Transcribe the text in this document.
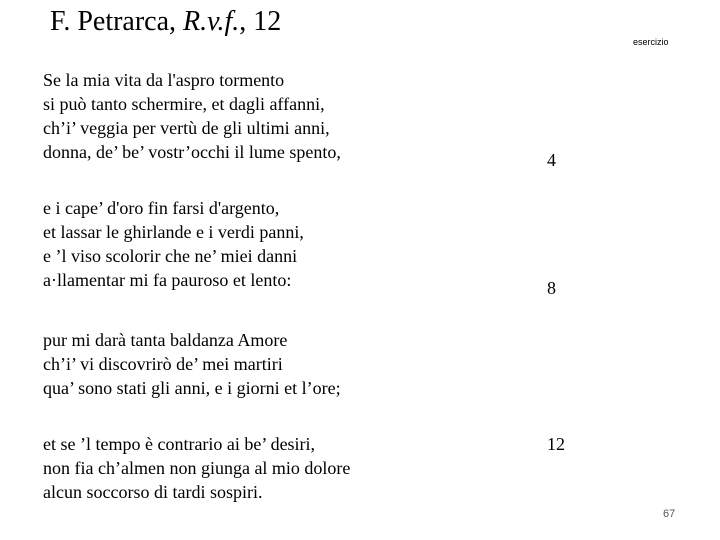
F. Petrarca, R.v.f., 12
esercizio
Se la mia vita da l'aspro tormento
si può tanto schermire, et dagli affanni,
ch’i’ veggia per vertù de gli ultimi anni,
donna, de’ be’ vostr’occhi il lume spento,
e i cape’ d'oro fin farsi d'argento,
et lassar le ghirlande e i verdi panni,
e ’l viso scolorir che ne’ miei danni
a·llamentar mi fa pauroso et lento:
pur mi darà tanta baldanza Amore
ch’i’ vi discovrirò de’ mei martiri
qua’ sono stati gli anni, e i giorni et l’ore;
et se ’l tempo è contrario ai be’ desiri,
non fia ch’almen non giunga al mio dolore
alcun soccorso di tardi sospiri.
4
8
12
67
